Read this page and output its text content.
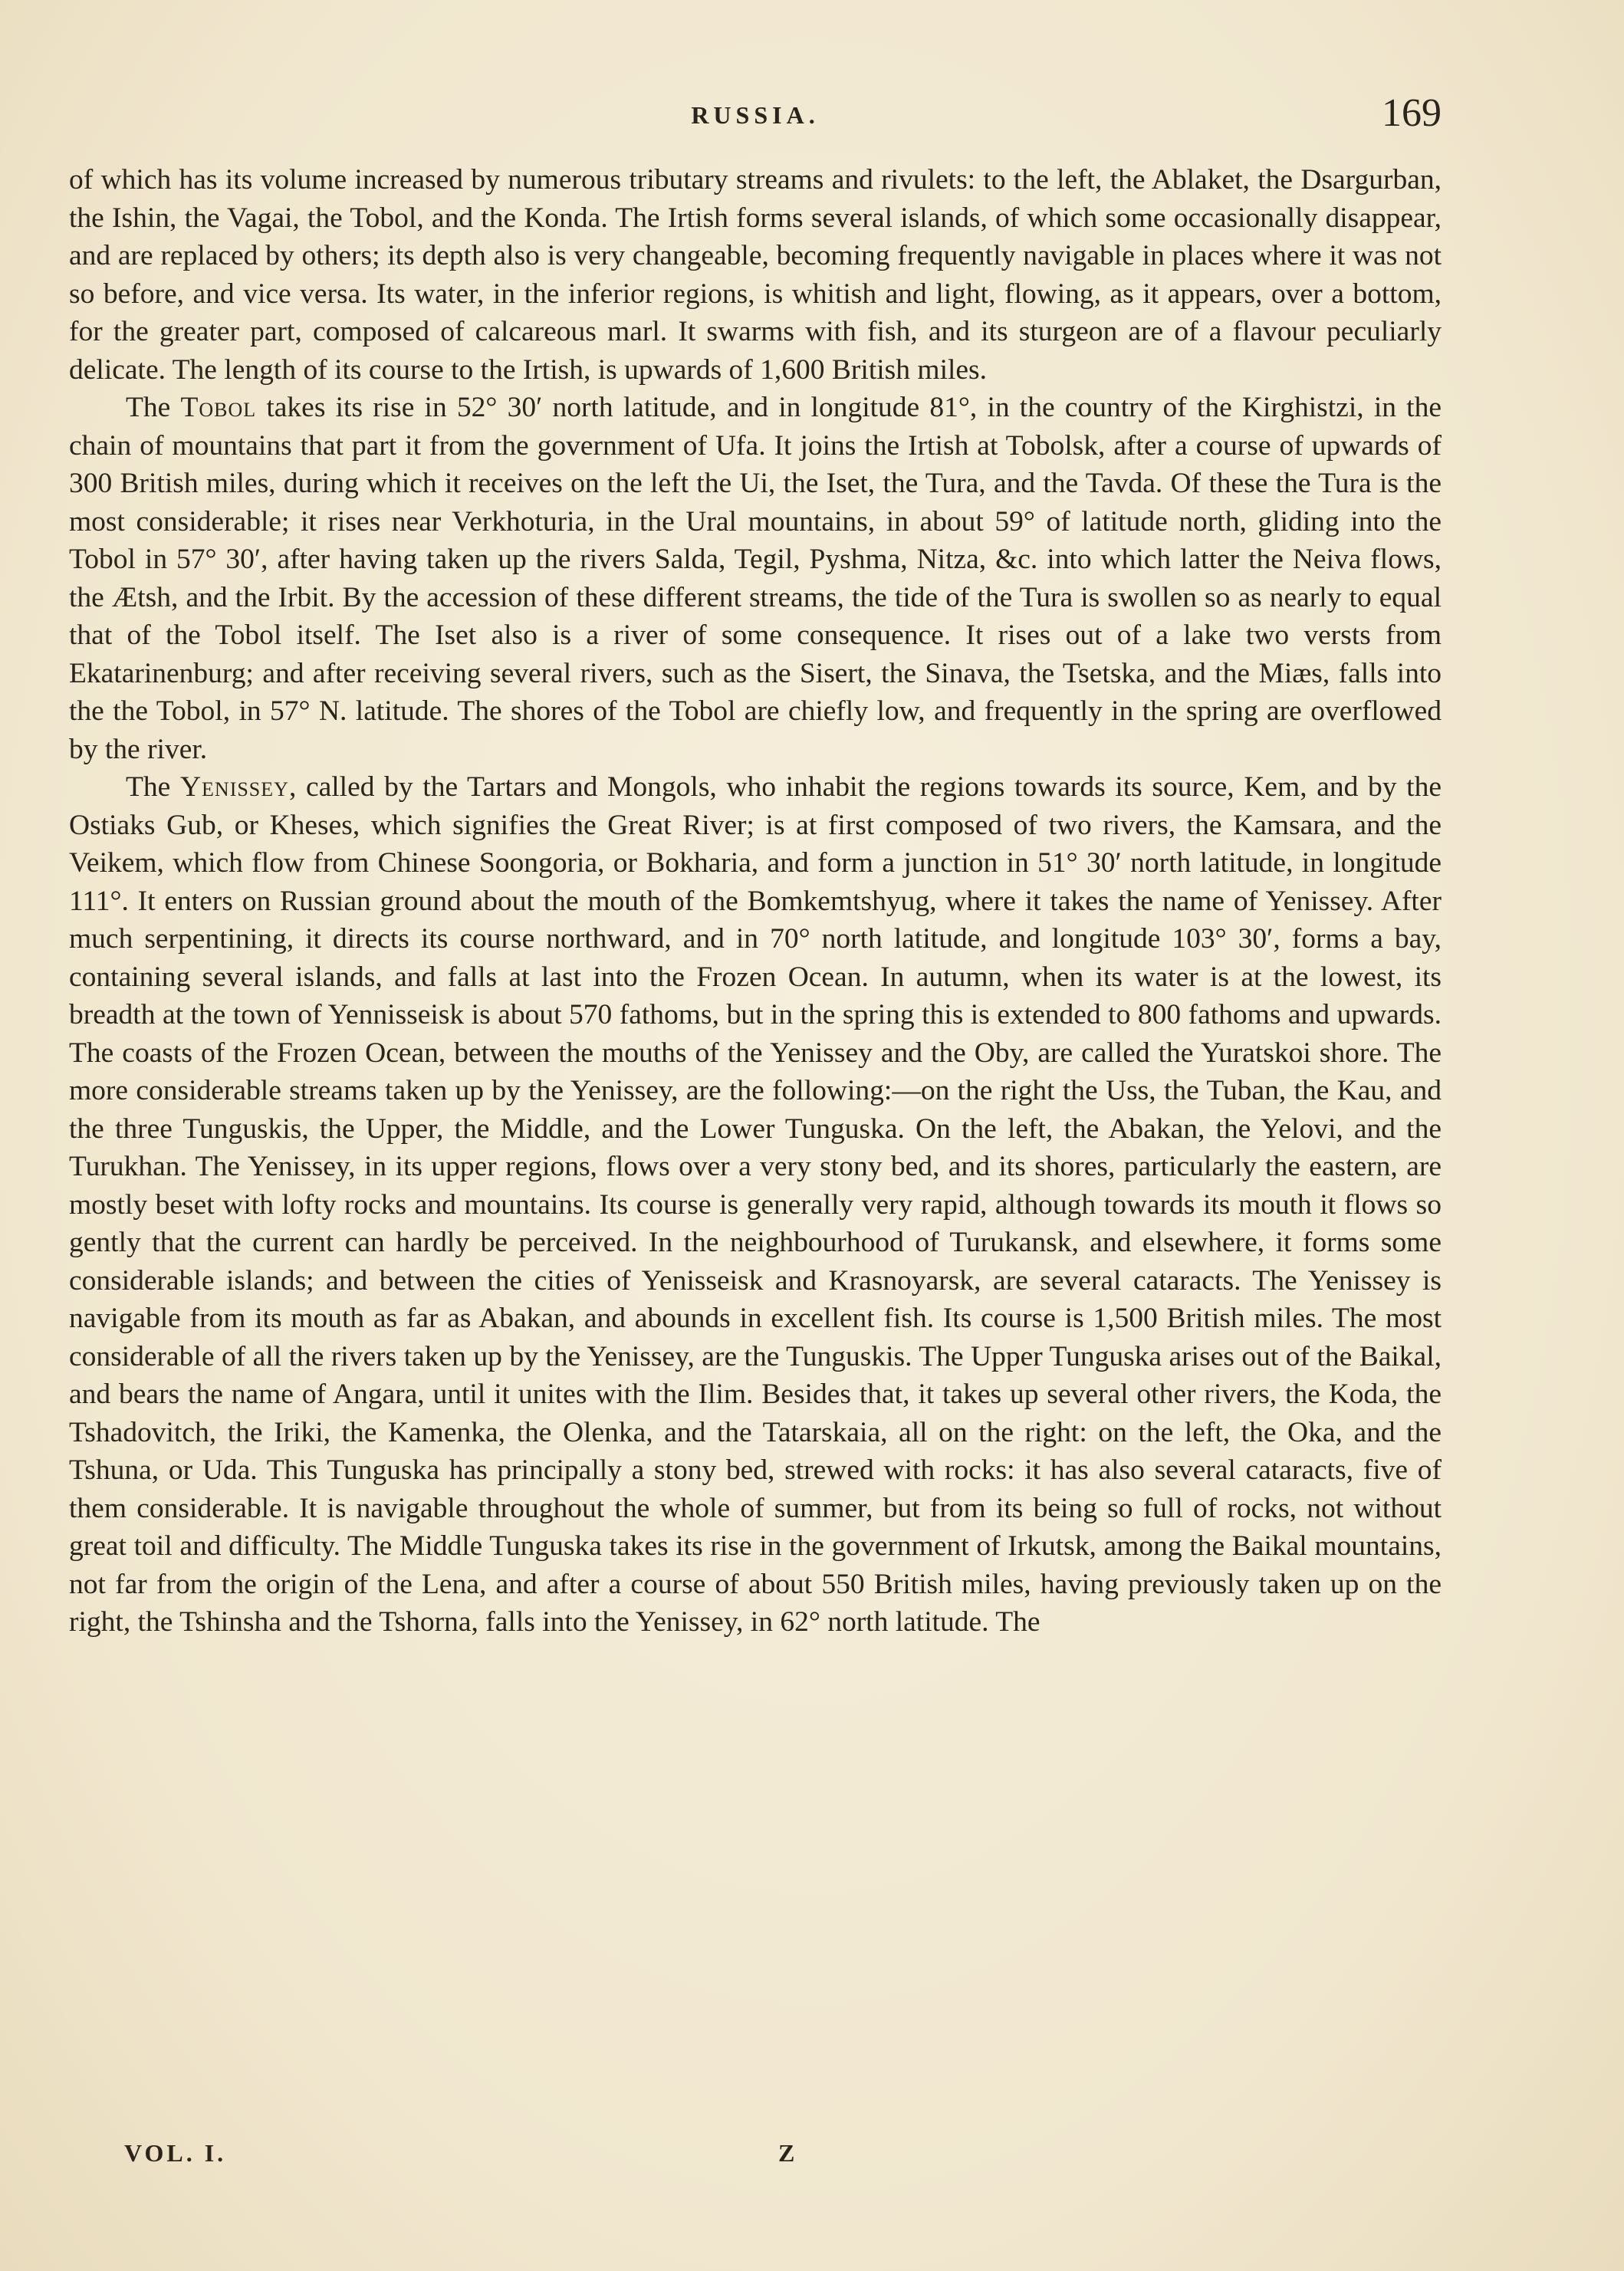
RUSSIA.	169

of which has its volume increased by numerous tributary streams and rivulets: to the left, the Ablaket, the Dsargurban, the Ishin, the Vagai, the Tobol, and the Konda. The Irtish forms several islands, of which some occasionally disappear, and are replaced by others; its depth also is very changeable, becoming frequently navigable in places where it was not so before, and vice versa. Its water, in the inferior regions, is whitish and light, flowing, as it appears, over a bottom, for the greater part, composed of calcareous marl. It swarms with fish, and its sturgeon are of a flavour peculiarly delicate. The length of its course to the Irtish, is upwards of 1,600 British miles.

The Tobol takes its rise in 52° 30′ north latitude, and in longitude 81°, in the country of the Kirghistzi, in the chain of mountains that part it from the government of Ufa. It joins the Irtish at Tobolsk, after a course of upwards of 300 British miles, during which it receives on the left the Ui, the Iset, the Tura, and the Tavda. Of these the Tura is the most considerable; it rises near Verkhoturia, in the Ural mountains, in about 59° of latitude north, gliding into the Tobol in 57° 30′, after having taken up the rivers Salda, Tegil, Pyshma, Nitza, &c. into which latter the Neiva flows, the Ætsh, and the Irbit. By the accession of these different streams, the tide of the Tura is swollen so as nearly to equal that of the Tobol itself. The Iset also is a river of some consequence. It rises out of a lake two versts from Ekatarinenburg; and after receiving several rivers, such as the Sisert, the Sinava, the Tsetska, and the Miæs, falls into the the Tobol, in 57° N. latitude. The shores of the Tobol are chiefly low, and frequently in the spring are overflowed by the river.

The Yenissey, called by the Tartars and Mongols, who inhabit the regions towards its source, Kem, and by the Ostiaks Gub, or Kheses, which signifies the Great River; is at first composed of two rivers, the Kamsara, and the Veikem, which flow from Chinese Soongoria, or Bokharia, and form a junction in 51° 30′ north latitude, in longitude 111°. It enters on Russian ground about the mouth of the Bomkemtshyug, where it takes the name of Yenissey. After much serpentining, it directs its course northward, and in 70° north latitude, and longitude 103° 30′, forms a bay, containing several islands, and falls at last into the Frozen Ocean. In autumn, when its water is at the lowest, its breadth at the town of Yennisseisk is about 570 fathoms, but in the spring this is extended to 800 fathoms and upwards. The coasts of the Frozen Ocean, between the mouths of the Yenissey and the Oby, are called the Yuratskoi shore. The more considerable streams taken up by the Yenissey, are the following:—on the right the Uss, the Tuban, the Kau, and the three Tunguskis, the Upper, the Middle, and the Lower Tunguska. On the left, the Abakan, the Yelovi, and the Turukhan. The Yenissey, in its upper regions, flows over a very stony bed, and its shores, particularly the eastern, are mostly beset with lofty rocks and mountains. Its course is generally very rapid, although towards its mouth it flows so gently that the current can hardly be perceived. In the neighbourhood of Turukansk, and elsewhere, it forms some considerable islands; and between the cities of Yenisseisk and Krasnoyarsk, are several cataracts. The Yenissey is navigable from its mouth as far as Abakan, and abounds in excellent fish. Its course is 1,500 British miles. The most considerable of all the rivers taken up by the Yenissey, are the Tunguskis. The Upper Tunguska arises out of the Baikal, and bears the name of Angara, until it unites with the Ilim. Besides that, it takes up several other rivers, the Koda, the Tshadovitch, the Iriki, the Kamenka, the Olenka, and the Tatarskaia, all on the right: on the left, the Oka, and the Tshuna, or Uda. This Tunguska has principally a stony bed, strewed with rocks: it has also several cataracts, five of them considerable. It is navigable throughout the whole of summer, but from its being so full of rocks, not without great toil and difficulty. The Middle Tunguska takes its rise in the government of Irkutsk, among the Baikal mountains, not far from the origin of the Lena, and after a course of about 550 British miles, having previously taken up on the right, the Tshinsha and the Tshorna, falls into the Yenissey, in 62° north latitude. The

VOL. I.	Z
